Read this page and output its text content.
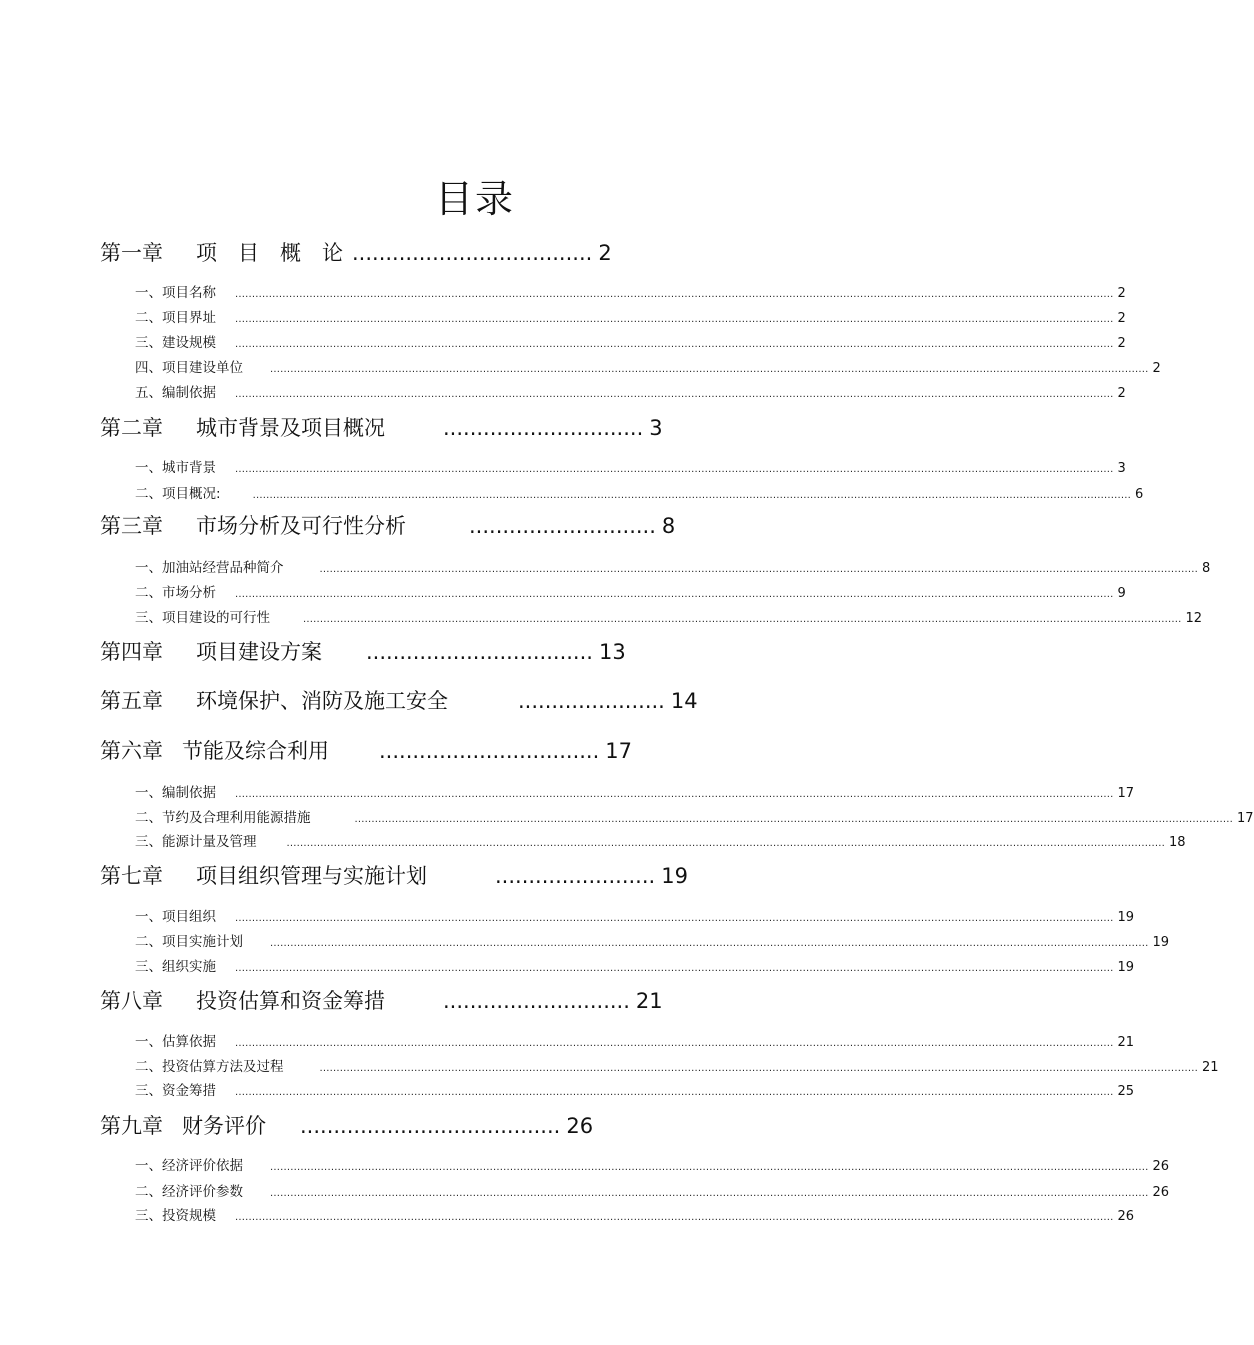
目录
第一章 项 目 概 论 .................................... 2
一、项目名称 .................................................................................................................................................................................................................................................................... 2
二、项目界址 .................................................................................................................................................................................................................................................................... 2
三、建设规模 .................................................................................................................................................................................................................................................................... 2
四、项目建设单位	.................................................................................................................................................................................................................................................................... 2
五、编制依据 .................................................................................................................................................................................................................................................................... 2
第二章 城市背景及项目概况	.............................. 3
一、城市背景 .................................................................................................................................................................................................................................................................... 3
二、项目概况:	.................................................................................................................................................................................................................................................................... 6
第三章 市场分析及可行性分析	............................ 8
一、加油站经营品种简介	.................................................................................................................................................................................................................................................................... 8
二、市场分析 .................................................................................................................................................................................................................................................................... 9
三、项目建设的可行性	.................................................................................................................................................................................................................................................................... 12
第四章 项目建设方案 .................................. 13
第五章 环境保护、消防及施工安全	...................... 14
第六章 节能及综合利用 ................................. 17
一、编制依据 .................................................................................................................................................................................................................................................................... 17
二、节约及合理利用能源措施	.................................................................................................................................................................................................................................................................... 17
三、能源计量及管理	.................................................................................................................................................................................................................................................................... 18
第七章 项目组织管理与实施计划	........................ 19
一、项目组织 .................................................................................................................................................................................................................................................................... 19
二、项目实施计划	.................................................................................................................................................................................................................................................................... 19
三、组织实施 .................................................................................................................................................................................................................................................................... 19
第八章 投资估算和资金筹措	............................ 21
一、估算依据 .................................................................................................................................................................................................................................................................... 21
二、投资估算方法及过程	.................................................................................................................................................................................................................................................................... 21
三、资金筹措 .................................................................................................................................................................................................................................................................... 25
第九章 财务评价 ....................................... 26
一、经济评价依据	.................................................................................................................................................................................................................................................................... 26
二、经济评价参数	.................................................................................................................................................................................................................................................................... 26
三、投资规模 .................................................................................................................................................................................................................................................................... 26
